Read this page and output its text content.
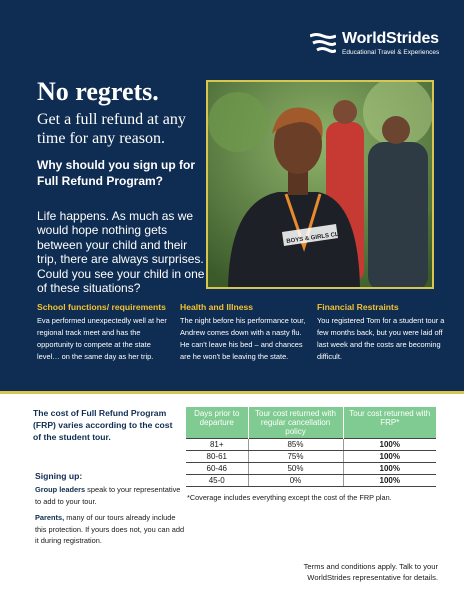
WorldStrides
Educational Travel & Experiences
No regrets.
Get a full refund at any time for any reason.
Why should you sign up for Full Refund Program?
Life happens. As much as we would hope nothing gets between your child and their trip, there are always surprises. Could you see your child in one of these situations?
BOYS & GIRLS CLUB
School functions/ requirements
Eva performed unexpectedly well at her regional track meet and has the opportunity to compete at the state level… on the same day as her trip.
Health and Illness
The night before his performance tour, Andrew comes down with a nasty flu. He can't leave his bed – and chances are he won't be leaving the state.
Financial Restraints
You registered Tom for a student tour a few months back, but you were laid off last week and the costs are becoming difficult.
The cost of Full Refund Program (FRP) varies according to the cost of the student tour.
Days prior to departure	Tour cost returned with regular cancellation policy	Tour cost returned with FRP*
81+	85%	100%
80-61	75%	100%
60-46	50%	100%
45-0	0%	100%
*Coverage includes everything except the cost of the FRP plan.
Signing up:
Group leaders speak to your representative to add to your tour.
Parents, many of our tours already include this protection. If yours does not, you can add it during registration.
Terms and conditions apply. Talk to your WorldStrides representative for details.
